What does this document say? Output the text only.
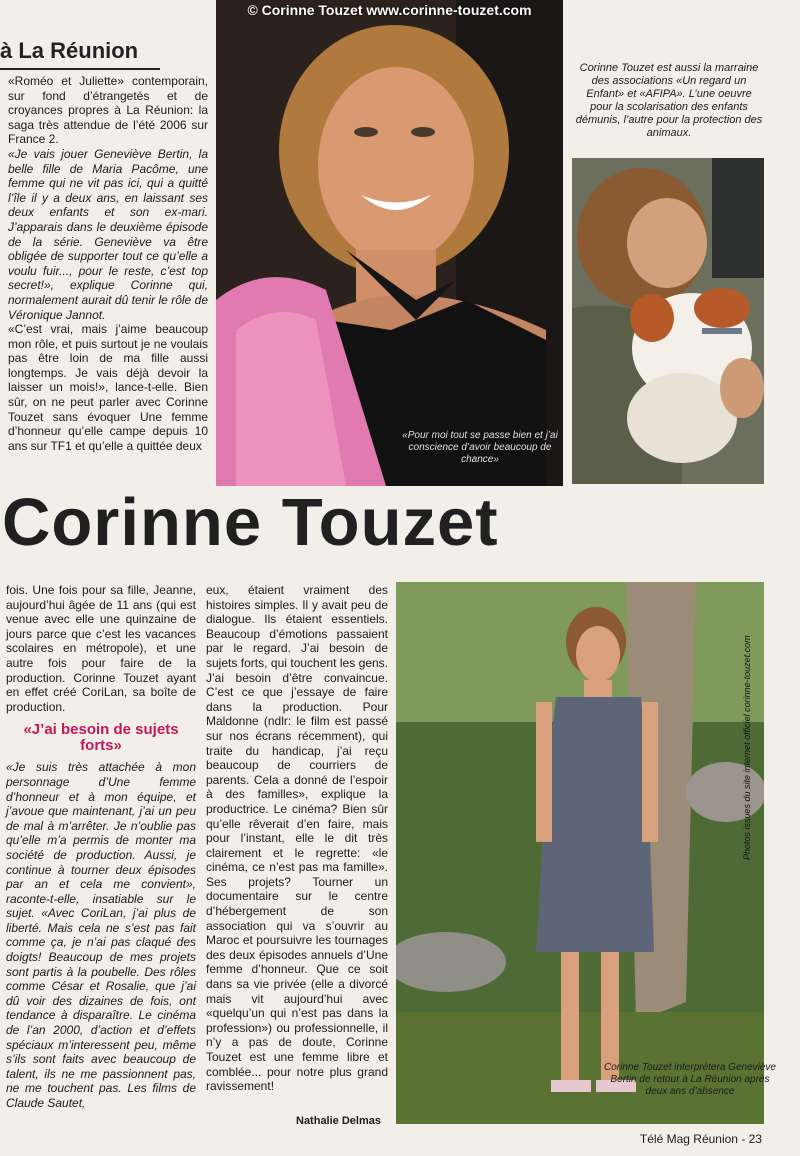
© Corinne Touzet www.corinne-touzet.com
«Pour moi tout se passe bien et j’ai conscience d’avoir beaucoup de chance»
Corinne Touzet est aussi la marraine des associations «Un regard un Enfant» et «AFIPA». L’une oeuvre pour la scolarisation des enfants démunis, l’autre pour la protection des animaux.
à La Réunion

«Roméo et Juliette» contemporain, sur fond d’étrangetés et de croyances propres à La Réunion: la saga très attendue de l’été 2006 sur France 2.

«Je vais jouer Geneviève Bertin, la belle fille de Maria Pacôme, une femme qui ne vit pas ici, qui a quitté l’île il y a deux ans, en laissant ses deux enfants et son ex-mari. J’apparais dans le deuxième épisode de la série. Geneviève va être obligée de supporter tout ce qu’elle a voulu fuir..., pour le reste, c’est top secret!», explique Corinne qui, normalement aurait dû tenir le rôle de Véronique Jannot.

«C’est vrai, mais j’aime beaucoup mon rôle, et puis surtout je ne voulais pas être loin de ma fille aussi longtemps. Je vais déjà devoir la laisser un mois!», lance-t-elle. Bien sûr, on ne peut parler avec Corinne Touzet sans évoquer Une femme d’honneur qu’elle campe depuis 10 ans sur TF1 et qu’elle a quittée deux

Corinne Touzet

fois. Une fois pour sa fille, Jeanne, aujourd’hui âgée de 11 ans (qui est venue avec elle une quinzaine de jours parce que c’est les vacances scolaires en métropole), et une autre fois pour faire de la production. Corinne Touzet ayant en effet créé CoriLan, sa boîte de production.

«J’ai besoin de sujets forts»

«Je suis très attachée à mon personnage d’Une femme d’honneur et à mon équipe, et j’avoue que maintenant, j’ai un peu de mal à m’arrêter. Je n’oublie pas qu’elle m’a permis de monter ma société de production. Aussi, je continue à tourner deux épisodes par an et cela me convient», raconte-t-elle, insatiable sur le sujet. «Avec CoriLan, j’ai plus de liberté. Mais cela ne s’est pas fait comme ça, je n’ai pas claqué des doigts! Beaucoup de mes projets sont partis à la poubelle. Des rôles comme César et Rosalie, que j’ai dû voir des dizaines de fois, ont tendance à disparaître. Le cinéma de l’an 2000, d’action et d’effets spéciaux m’interessent peu, même s’ils sont faits avec beaucoup de talent, ils ne me passionnent pas, ne me touchent pas. Les films de Claude Sautet,

eux, étaient vraiment des histoires simples. Il y avait peu de dialogue. Ils étaient essentiels. Beaucoup d’émotions passaient par le regard. J’ai besoin de sujets forts, qui touchent les gens. J’ai besoin d’être convaincue. C’est ce que j’essaye de faire dans la production. Pour Maldonne (ndlr: le film est passé sur nos écrans récemment), qui traite du handicap, j’ai reçu beaucoup de courriers de parents. Cela a donné de l’espoir à des familles», explique la productrice. Le cinéma? Bien sûr qu’elle rêverait d’en faire, mais pour l’instant, elle le dit très clairement et le regrette: «le cinéma, ce n’est pas ma famille». Ses projets? Tourner un documentaire sur le centre d’hébergement de son association qui va s’ouvrir au Maroc et poursuivre les tournages des deux épisodes annuels d’Une femme d’honneur. Que ce soit dans sa vie privée (elle a divorcé mais vit aujourd’hui avec «quelqu’un qui n’est pas dans la profession») ou professionnelle, il n’y a pas de doute, Corinne Touzet est une femme libre et comblée... pour notre plus grand ravissement!

Nathalie Delmas
Corinne Touzet interprétera Geneviève Bertin de retour à La Réunion après deux ans d’absence
Photos issues du site internet officiel corinne-touzet.com
Télé Mag Réunion - 23
